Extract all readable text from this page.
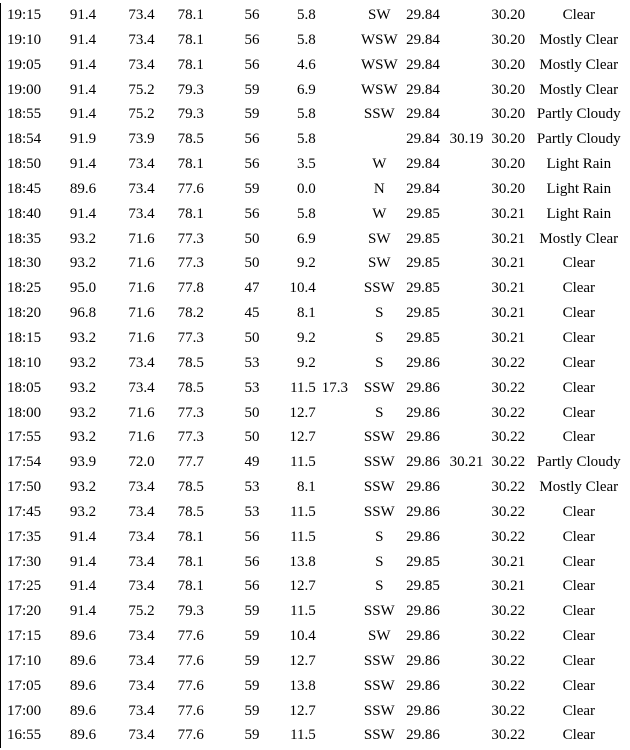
19:15	91.4	73.4	78.1	56	5.8		SW	29.84		30.20	Clear
19:10	91.4	73.4	78.1	56	5.8		WSW	29.84		30.20	Mostly Clear
19:05	91.4	73.4	78.1	56	4.6		WSW	29.84		30.20	Mostly Clear
19:00	91.4	75.2	79.3	59	6.9		WSW	29.84		30.20	Mostly Clear
18:55	91.4	75.2	79.3	59	5.8		SSW	29.84		30.20	Partly Cloudy
18:54	91.9	73.9	78.5	56	5.8			29.84	30.19	30.20	Partly Cloudy
18:50	91.4	73.4	78.1	56	3.5		W	29.84		30.20	Light Rain
18:45	89.6	73.4	77.6	59	0.0		N	29.84		30.20	Light Rain
18:40	91.4	73.4	78.1	56	5.8		W	29.85		30.21	Light Rain
18:35	93.2	71.6	77.3	50	6.9		SW	29.85		30.21	Mostly Clear
18:30	93.2	71.6	77.3	50	9.2		SW	29.85		30.21	Clear
18:25	95.0	71.6	77.8	47	10.4		SSW	29.85		30.21	Clear
18:20	96.8	71.6	78.2	45	8.1		S	29.85		30.21	Clear
18:15	93.2	71.6	77.3	50	9.2		S	29.85		30.21	Clear
18:10	93.2	73.4	78.5	53	9.2		S	29.86		30.22	Clear
18:05	93.2	73.4	78.5	53	11.5	17.3	SSW	29.86		30.22	Clear
18:00	93.2	71.6	77.3	50	12.7		S	29.86		30.22	Clear
17:55	93.2	71.6	77.3	50	12.7		SSW	29.86		30.22	Clear
17:54	93.9	72.0	77.7	49	11.5		SSW	29.86	30.21	30.22	Partly Cloudy
17:50	93.2	73.4	78.5	53	8.1		SSW	29.86		30.22	Mostly Clear
17:45	93.2	73.4	78.5	53	11.5		SSW	29.86		30.22	Clear
17:35	91.4	73.4	78.1	56	11.5		S	29.86		30.22	Clear
17:30	91.4	73.4	78.1	56	13.8		S	29.85		30.21	Clear
17:25	91.4	73.4	78.1	56	12.7		S	29.85		30.21	Clear
17:20	91.4	75.2	79.3	59	11.5		SSW	29.86		30.22	Clear
17:15	89.6	73.4	77.6	59	10.4		SW	29.86		30.22	Clear
17:10	89.6	73.4	77.6	59	12.7		SSW	29.86		30.22	Clear
17:05	89.6	73.4	77.6	59	13.8		SSW	29.86		30.22	Clear
17:00	89.6	73.4	77.6	59	12.7		SSW	29.86		30.22	Clear
16:55	89.6	73.4	77.6	59	11.5		SSW	29.86		30.22	Clear
